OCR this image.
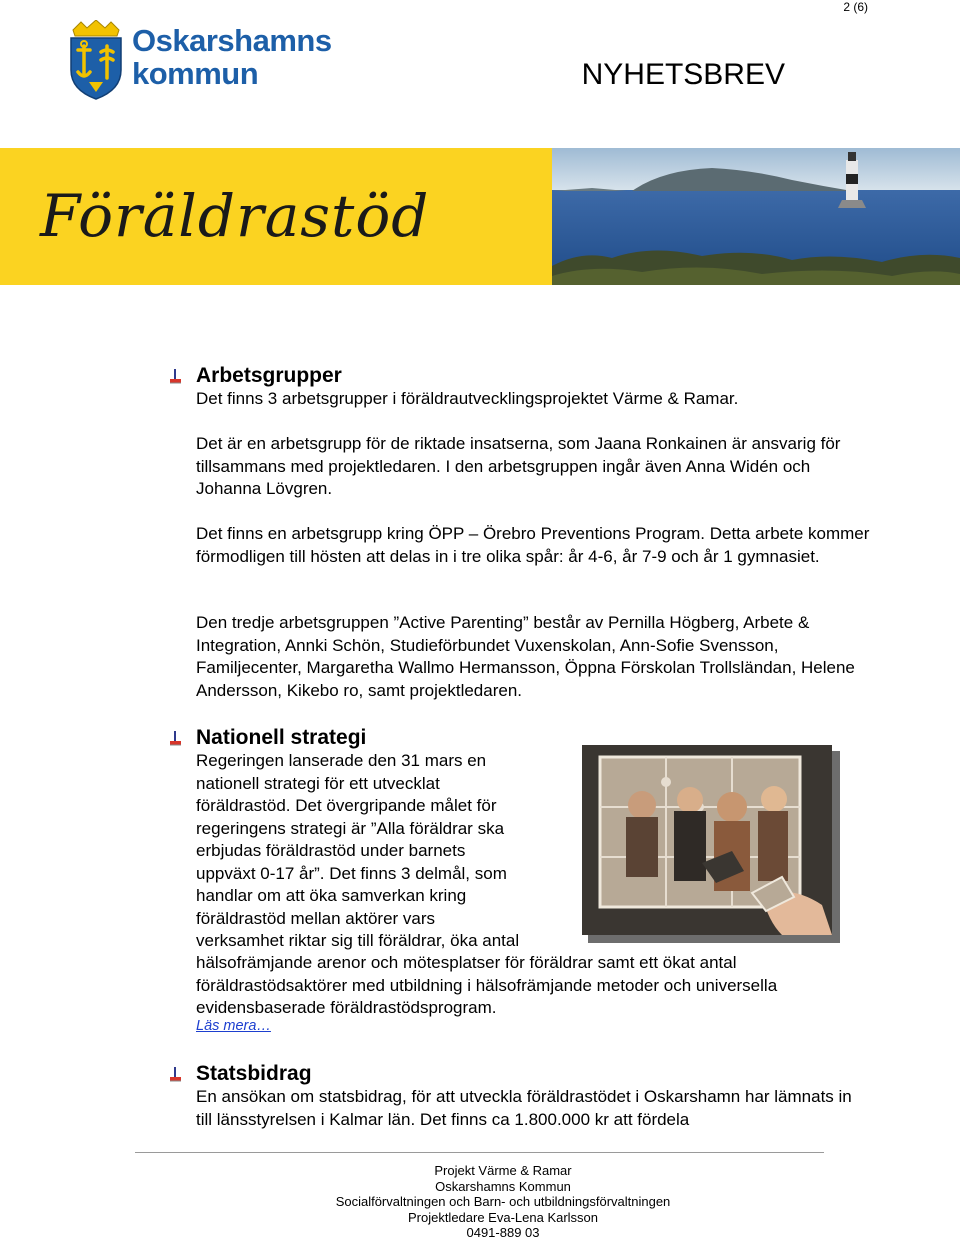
2 (6)
Oskarshamns
kommun	NYHETSBREV
Föräldrastöd
Arbetsgrupper
Det finns 3 arbetsgrupper i föräldrautvecklingsprojektet Värme & Ramar.
Det är en arbetsgrupp för de riktade insatserna, som Jaana Ronkainen är ansvarig för tillsammans med projektledaren. I den arbetsgruppen ingår även Anna Widén och Johanna Lövgren.
Det finns en arbetsgrupp kring ÖPP – Örebro Preventions Program. Detta arbete kommer förmodligen till hösten att delas in i tre olika spår: år 4-6, år 7-9 och år 1 gymnasiet.
Den tredje arbetsgruppen ”Active Parenting” består av Pernilla Högberg, Arbete & Integration, Annki Schön, Studieförbundet Vuxenskolan, Ann-Sofie Svensson, Familjecenter, Margaretha Wallmo Hermansson, Öppna Förskolan Trollsländan, Helene Andersson, Kikebo ro, samt projektledaren.
Nationell strategi
Regeringen lanserade den 31 mars en
nationell strategi för ett utvecklat
föräldrastöd. Det övergripande målet för
regeringens strategi är ”Alla föräldrar ska
erbjudas föräldrastöd under barnets
uppväxt 0-17 år”. Det finns 3 delmål, som
handlar om att öka samverkan kring
föräldrastöd mellan aktörer vars
verksamhet riktar sig till föräldrar, öka antal
hälsofrämjande arenor och mötesplatser för föräldrar samt ett ökat antal
föräldrastödsaktörer med utbildning i hälsofrämjande metoder och universella
evidensbaserade föräldrastödsprogram.
Läs mera…
Statsbidrag
En ansökan om statsbidrag, för att utveckla föräldrastödet i Oskarshamn har lämnats in till länsstyrelsen i Kalmar län. Det finns ca 1.800.000 kr att fördela
Projekt Värme & Ramar
Oskarshamns Kommun
Socialförvaltningen och Barn- och utbildningsförvaltningen
Projektledare Eva-Lena Karlsson
0491-889 03
